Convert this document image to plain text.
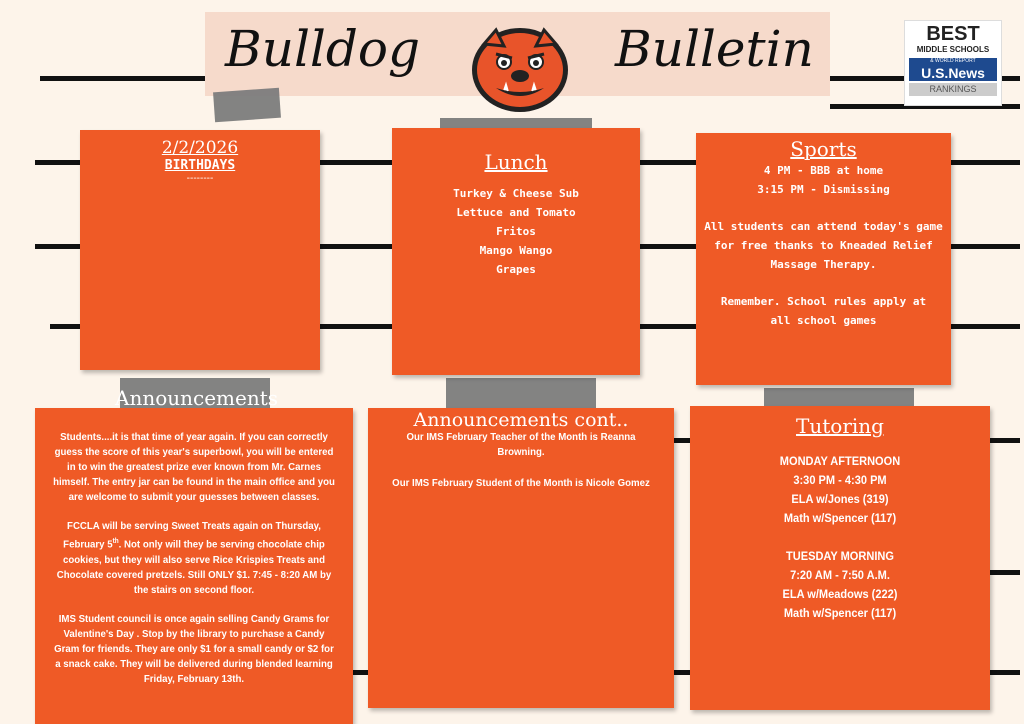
Bulldog	Bulletin	BEST
MIDDLE SCHOOLS
& WORLD REPORT
U.S.News
RANKINGS
2/2/2026
BIRTHDAYS
--------
Lunch
Turkey & Cheese Sub
Lettuce and Tomato
Fritos
Mango Wango
Grapes
Sports
4 PM - BBB at home
3:15 PM - Dismissing
All students can attend today's game for free thanks to Kneaded Relief Massage Therapy.
Remember. School rules apply at all school games
Announcements
Students....it is that time of year again. If you can correctly guess the score of this year's superbowl, you will be entered in to win the greatest prize ever known from Mr. Carnes himself. The entry jar can be found in the main office and you are welcome to submit your guesses between classes.
FCCLA will be serving Sweet Treats again on Thursday, February 5th. Not only will they be serving chocolate chip cookies, but they will also serve Rice Krispies Treats and Chocolate covered pretzels. Still ONLY $1. 7:45 - 8:20 AM by the stairs on second floor.
IMS Student council is once again selling Candy Grams for Valentine's Day . Stop by the library to purchase a Candy Gram for friends. They are only $1 for a small candy or $2 for a snack cake. They will be delivered during blended learning Friday, February 13th.
Announcements cont..
Our IMS February Teacher of the Month is Reanna Browning.
Our IMS February Student of the Month is Nicole Gomez
Tutoring
MONDAY AFTERNOON
3:30 PM - 4:30 PM
ELA w/Jones (319)
Math w/Spencer (117)
TUESDAY MORNING
7:20 AM - 7:50 A.M.
ELA w/Meadows (222)
Math w/Spencer (117)
